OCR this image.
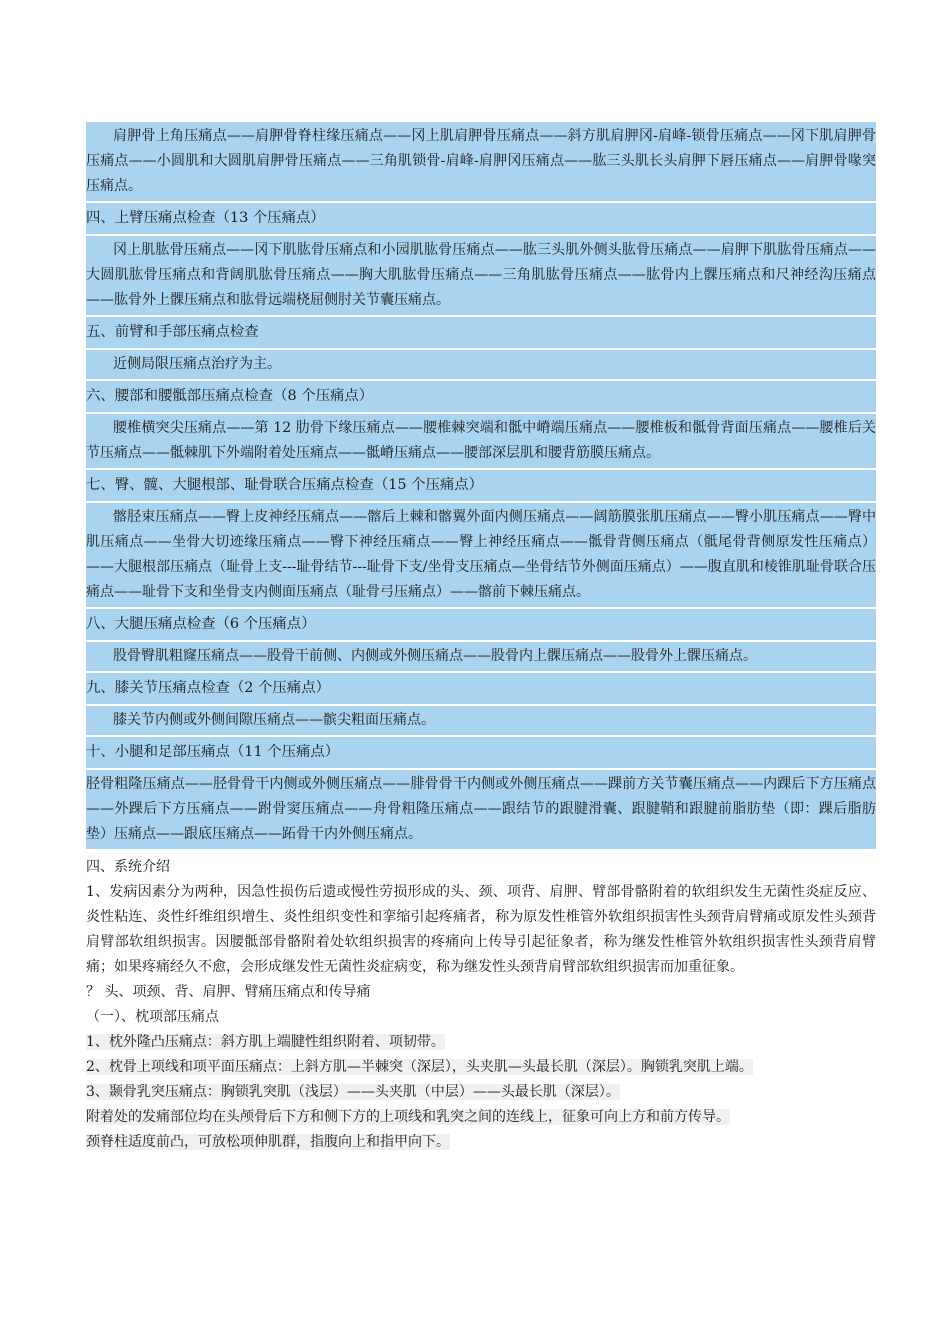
肩胛骨上角压痛点——肩胛骨脊柱缘压痛点——冈上肌肩胛骨压痛点——斜方肌肩胛冈-肩峰-锁骨压痛点——冈下肌肩胛骨压痛点——小圆肌和大圆肌肩胛骨压痛点——三角肌锁骨-肩峰-肩胛冈压痛点——肱三头肌长头肩胛下唇压痛点——肩胛骨喙突压痛点。
四、上臂压痛点检查（13 个压痛点）
冈上肌肱骨压痛点——冈下肌肱骨压痛点和小园肌肱骨压痛点——肱三头肌外侧头肱骨压痛点——肩胛下肌肱骨压痛点——大圆肌肱骨压痛点和背阔肌肱骨压痛点——胸大肌肱骨压痛点——三角肌肱骨压痛点——肱骨内上髁压痛点和尺神经沟压痛点——肱骨外上髁压痛点和肱骨远端桡屈侧肘关节囊压痛点。
五、前臂和手部压痛点检查
近侧局限压痛点治疗为主。
六、腰部和腰骶部压痛点检查（8 个压痛点）
腰椎横突尖压痛点——第 12 肋骨下缘压痛点——腰椎棘突端和骶中嵴端压痛点——腰椎板和骶骨背面压痛点——腰椎后关节压痛点——骶棘肌下外端附着处压痛点——骶嵴压痛点——腰部深层肌和腰背筋膜压痛点。
七、臀、髋、大腿根部、耻骨联合压痛点检查（15 个压痛点）
髂胫束压痛点——臀上皮神经压痛点——髂后上棘和髂翼外面内侧压痛点——阔筋膜张肌压痛点——臀小肌压痛点——臀中肌压痛点——坐骨大切迹缘压痛点——臀下神经压痛点——臀上神经压痛点——骶骨背侧压痛点（骶尾骨背侧原发性压痛点）——大腿根部压痛点（耻骨上支---耻骨结节---耻骨下支/坐骨支压痛点—坐骨结节外侧面压痛点）——腹直肌和棱锥肌耻骨联合压痛点——耻骨下支和坐骨支内侧面压痛点（耻骨弓压痛点）——髂前下棘压痛点。
八、大腿压痛点检查（6 个压痛点）
股骨臀肌粗窿压痛点——股骨干前侧、内侧或外侧压痛点——股骨内上髁压痛点——股骨外上髁压痛点。
九、膝关节压痛点检查（2 个压痛点）
膝关节内侧或外侧间隙压痛点——髌尖粗面压痛点。
十、小腿和足部压痛点（11 个压痛点）
胫骨粗隆压痛点——胫骨骨干内侧或外侧压痛点——腓骨骨干内侧或外侧压痛点——踝前方关节囊压痛点——内踝后下方压痛点——外踝后下方压痛点——跗骨窦压痛点——舟骨粗隆压痛点——跟结节的跟腱滑囊、跟腱鞘和跟腱前脂肪垫（即：踝后脂肪垫）压痛点——跟底压痛点——跖骨干内外侧压痛点。
四、系统介绍
1、发病因素分为两种，因急性损伤后遗或慢性劳损形成的头、颈、项背、肩胛、臂部骨骼附着的软组织发生无菌性炎症反应、炎性粘连、炎性纤维组织增生、炎性组织变性和挛缩引起疼痛者，称为原发性椎管外软组织损害性头颈背肩臂痛或原发性头颈背肩臂部软组织损害。因腰骶部骨骼附着处软组织损害的疼痛向上传导引起征象者，称为继发性椎管外软组织损害性头颈背肩臂痛；如果疼痛经久不愈，会形成继发性无菌性炎症病变，称为继发性头颈背肩臂部软组织损害而加重征象。
？ 头、项颈、背、肩胛、臂痛压痛点和传导痛
（一）、枕项部压痛点
1、枕外隆凸压痛点：斜方肌上端腱性组织附着、项韧带。
2、枕骨上项线和项平面压痛点：上斜方肌—半棘突（深层），头夹肌—头最长肌（深层）。胸锁乳突肌上端。
3、颞骨乳突压痛点：胸锁乳突肌（浅层）——头夹肌（中层）——头最长肌（深层）。
附着处的发痛部位均在头颅骨后下方和侧下方的上项线和乳突之间的连线上，征象可向上方和前方传导。
颈脊柱适度前凸，可放松项伸肌群，指腹向上和指甲向下。
